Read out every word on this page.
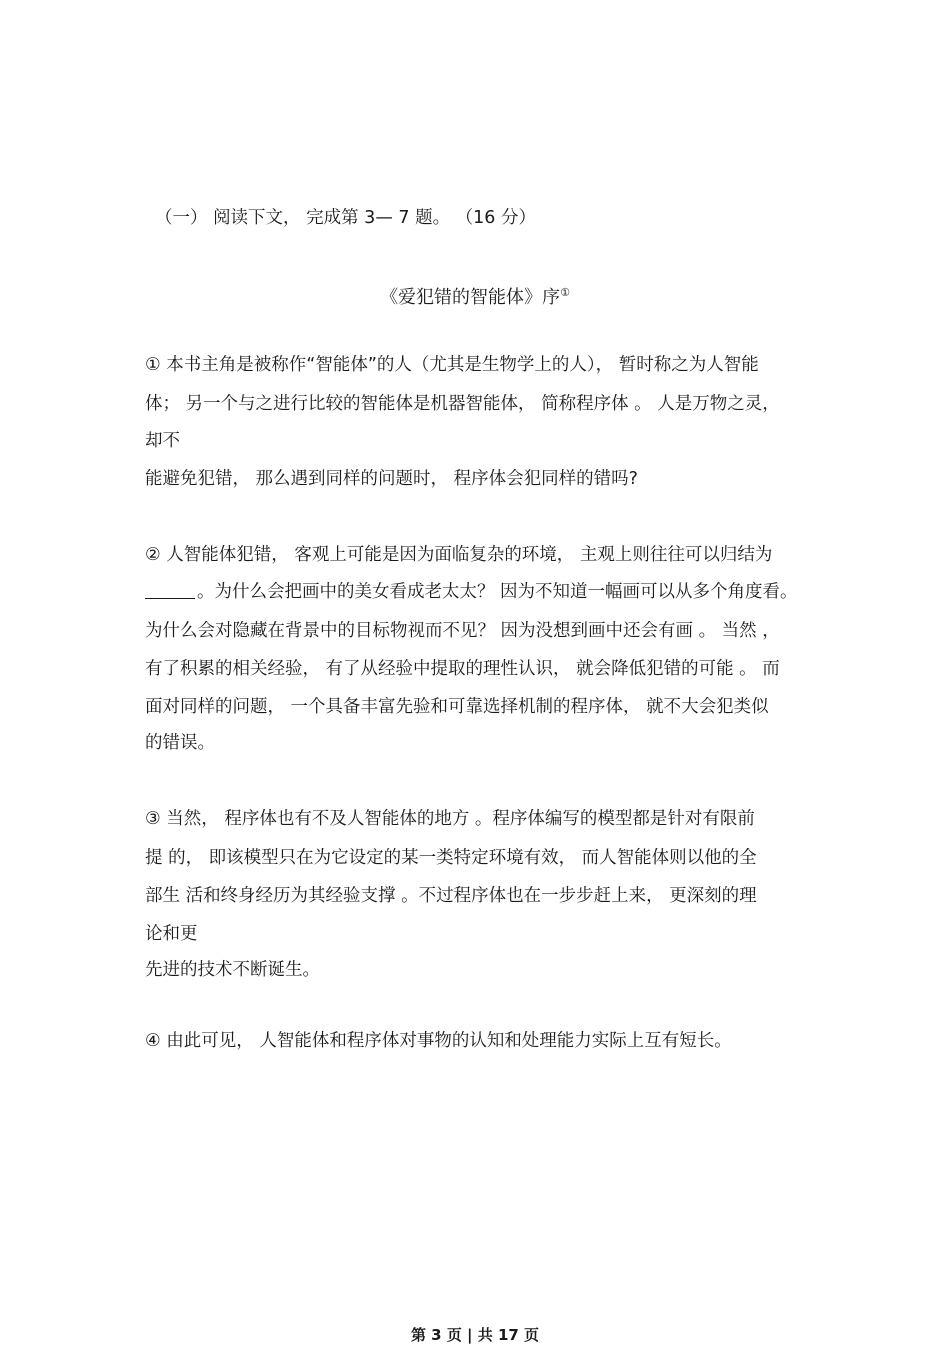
（一） 阅读下文， 完成第 3— 7 题。 （16 分）
《爱犯错的智能体》序①
① 本书主角是被称作“智能体”的人（尤其是生物学上的人）， 暂时称之为人智能
体； 另一个与之进行比较的智能体是机器智能体， 简称程序体 。 人是万物之灵，
却不
能避免犯错， 那么遇到同样的问题时， 程序体会犯同样的错吗?
② 人智能体犯错， 客观上可能是因为面临复杂的环境， 主观上则往往可以归结为
。为什么会把画中的美女看成老太太？ 因为不知道一幅画可以从多个角度看。
为什么会对隐藏在背景中的目标物视而不见？ 因为没想到画中还会有画 。 当然 ，
有了积累的相关经验， 有了从经验中提取的理性认识， 就会降低犯错的可能 。 而
面对同样的问题， 一个具备丰富先验和可靠选择机制的程序体， 就不大会犯类似
的错误。
③ 当然， 程序体也有不及人智能体的地方 。程序体编写的模型都是针对有限前
提 的， 即该模型只在为它设定的某一类特定环境有效， 而人智能体则以他的全
部生 活和终身经历为其经验支撑 。不过程序体也在一步步赶上来， 更深刻的理
论和更
先进的技术不断诞生。
④ 由此可见， 人智能体和程序体对事物的认知和处理能力实际上互有短长。
第 3 页 | 共 17 页
